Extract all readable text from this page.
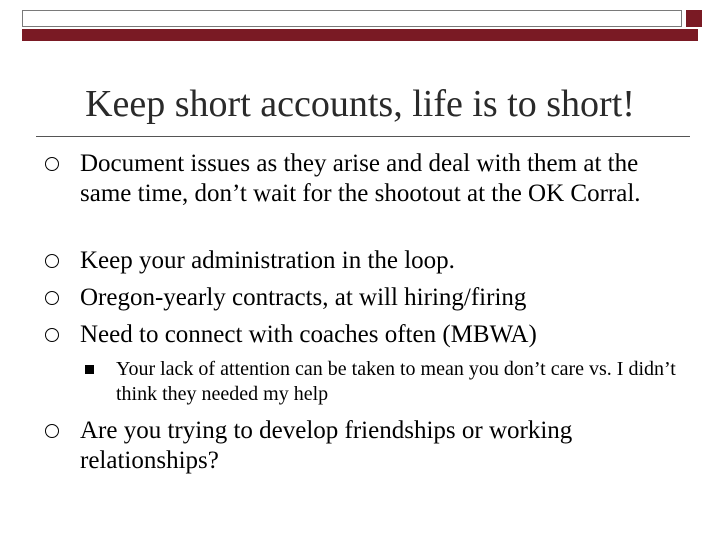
Keep short accounts, life is to short!
Document issues as they arise and deal with them at the same time, don’t wait for the shootout at the OK Corral.
Keep your administration in the loop.
Oregon-yearly contracts, at will hiring/firing
Need to connect with coaches often (MBWA)
Your lack of attention can be taken to mean you don’t care vs. I didn’t think they needed my help
Are you trying to develop friendships or working relationships?
